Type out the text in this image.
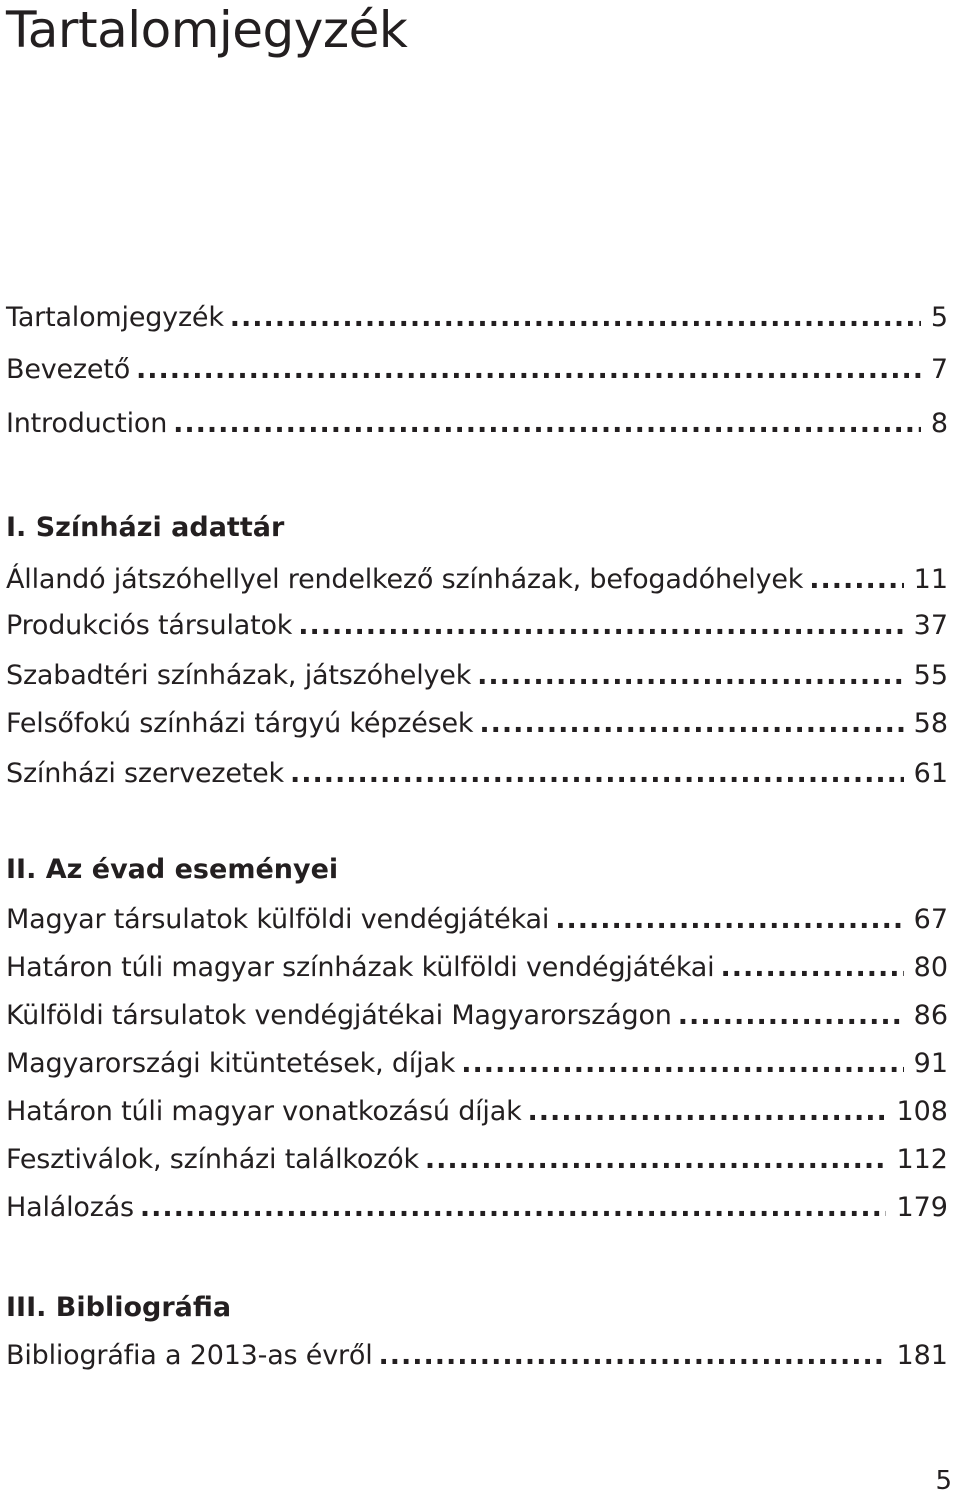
Tartalomjegyzék
Tartalomjegyzék .....	5
Bevezető .....	7
Introduction .....	8
I. Színházi adattár
Állandó játszóhellyel rendelkező színházak, befogadóhelyek .....	11
Produkciós társulatok .....	37
Szabadtéri színházak, játszóhelyek .....	55
Felsőfokú színházi tárgyú képzések .....	58
Színházi szervezetek .....	61
II. Az évad eseményei
Magyar társulatok külföldi vendégjátékai .....	67
Határon túli magyar színházak külföldi vendégjátékai .....	80
Külföldi társulatok vendégjátékai Magyarországon .....	86
Magyarországi kitüntetések, díjak .....	91
Határon túli magyar vonatkozású díjak .....	108
Fesztiválok, színházi találkozók .....	112
Halálozás .....	179
III. Bibliográfia
Bibliográfia a 2013-as évről .....	181
5
